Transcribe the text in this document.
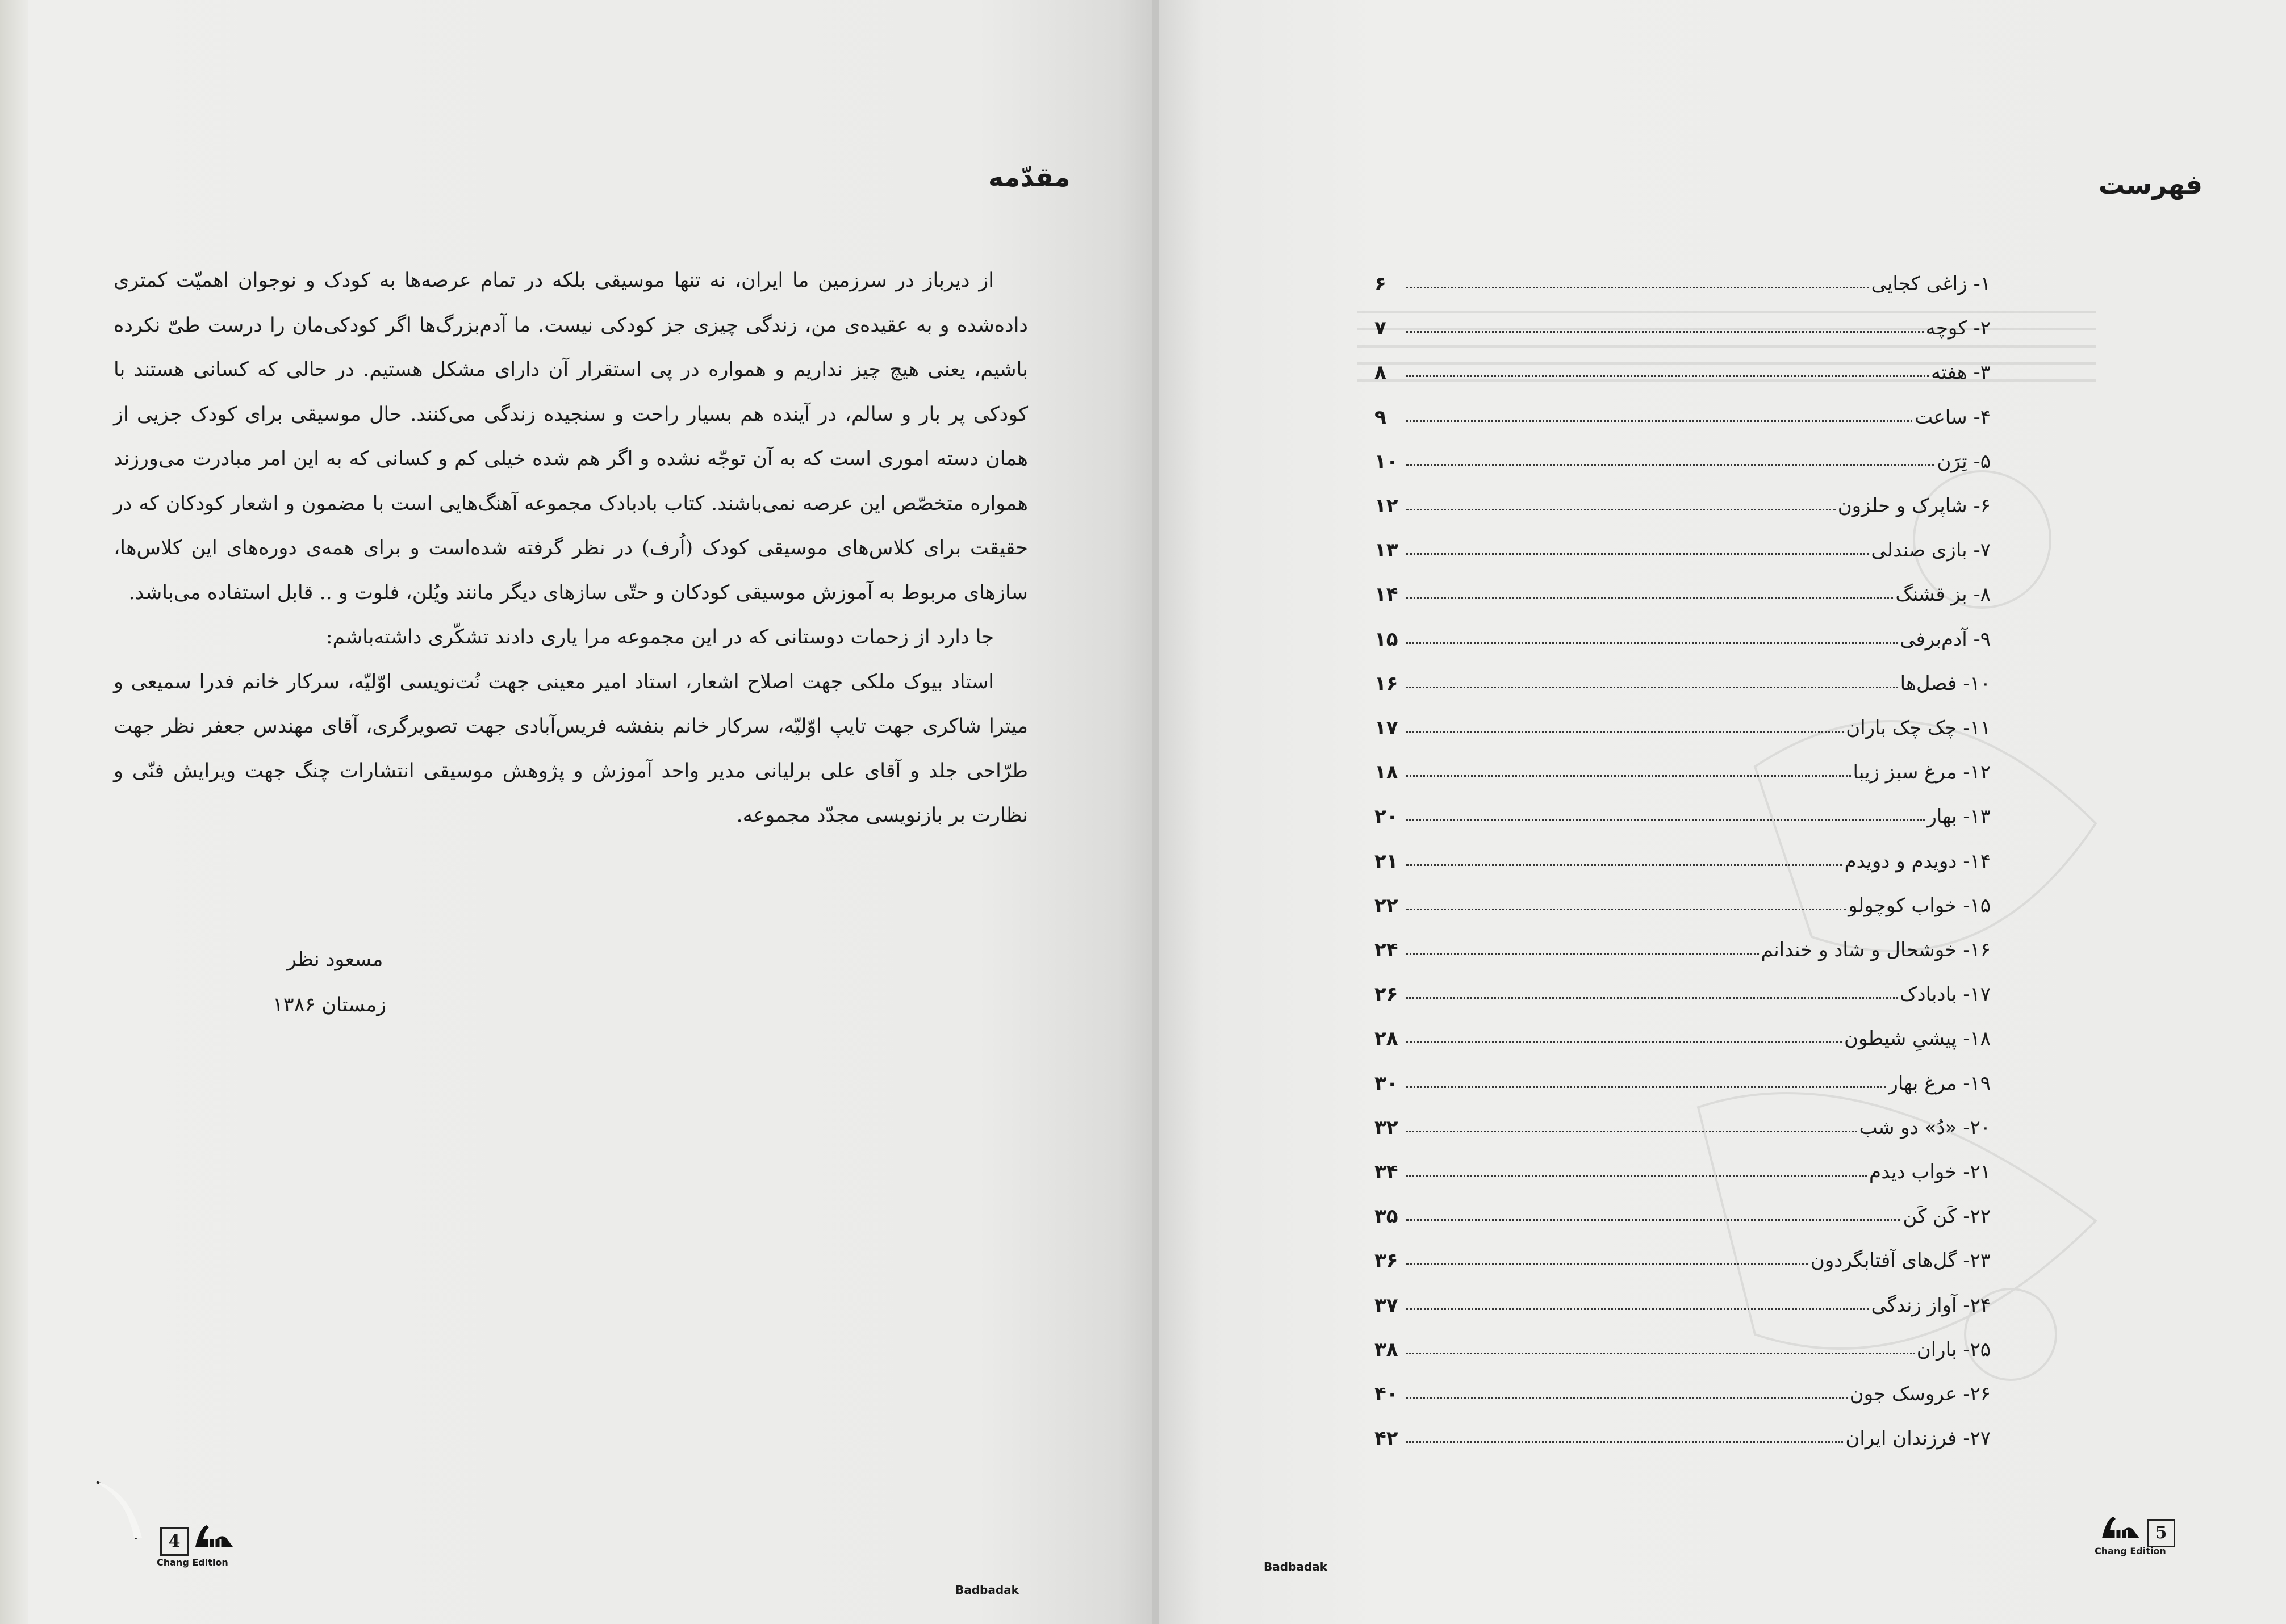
مقدّمه

از دیرباز در سرزمین ما ایران، نه تنها موسیقی بلکه در تمام عرصه‌ها به کودک و نوجوان اهمیّت کمتری داده‌شده و به عقیده‌ی من، زندگی چیزی جز کودکی نیست. ما آدم‌بزرگ‌ها اگر کودکی‌مان را درست طیّ نکرده باشیم، یعنی هیچ چیز نداریم و همواره در پی استقرار آن دارای مشکل هستیم. در حالی که کسانی هستند با کودکی پر بار و سالم، در آینده هم بسیار راحت و سنجیده زندگی می‌کنند. حال موسیقی برای کودک جزیی از همان دسته اموری است که به آن توجّه نشده و اگر هم شده خیلی کم و کسانی که به این امر مبادرت می‌ورزند همواره متخصّص این عرصه نمی‌باشند. کتاب بادبادک مجموعه آهنگ‌هایی است با مضمون و اشعار کودکان که در حقیقت برای کلاس‌های موسیقی کودک (اُرف) در نظر گرفته شده‌است و برای همه‌ی دوره‌های این کلاس‌ها، سازهای مربوط به آموزش موسیقی کودکان و حتّی سازهای دیگر مانند ویُلن، فلوت و .. قابل استفاده می‌باشد.

جا دارد از زحمات دوستانی که در این مجموعه مرا یاری دادند تشکّری داشته‌باشم:

استاد بیوک ملکی جهت اصلاح اشعار، استاد امیر معینی جهت نُت‌نویسی اوّلیّه، سرکار خانم فدرا سمیعی و میترا شاکری جهت تایپ اوّلیّه، سرکار خانم بنفشه فریس‌آبادی جهت تصویرگری، آقای مهندس جعفر نظر جهت طرّاحی جلد و آقای علی برلیانی مدیر واحد آموزش و پژوهش موسیقی انتشارات چنگ جهت ویرایش فنّی و نظارت بر بازنویسی مجدّد مجموعه.

مسعود نظر
زمستان ۱۳۸۶
4
Chang Edition
Badbadak
فهرست
5
Chang Edition
Badbadak
۱- زاغی کجایی
۶
۲- کوچه
۷
۳- هفته
۸
۴- ساعت
۹
۵- تِرَن
۱۰
۶- شاپرک و حلزون
۱۲
۷- بازی صندلی
۱۳
۸- بز قشنگ
۱۴
۹- آدم‌برفی
۱۵
۱۰- فصل‌ها
۱۶
۱۱- چک چک باران
۱۷
۱۲- مرغ سبز زیبا
۱۸
۱۳- بهار
۲۰
۱۴- دویدم و دویدم
۲۱
۱۵- خواب کوچولو
۲۲
۱۶- خوشحال و شاد و خندانم
۲۴
۱۷- بادبادک
۲۶
۱۸- پیشیِ شیطون
۲۸
۱۹- مرغ بهار
۳۰
۲۰- «دُ» دو شب
۳۲
۲۱- خواب دیدم
۳۴
۲۲- کَن کَن
۳۵
۲۳- گل‌های آفتابگردون
۳۶
۲۴- آواز زندگی
۳۷
۲۵- باران
۳۸
۲۶- عروسک جون
۴۰
۲۷- فرزندان ایران
۴۲
